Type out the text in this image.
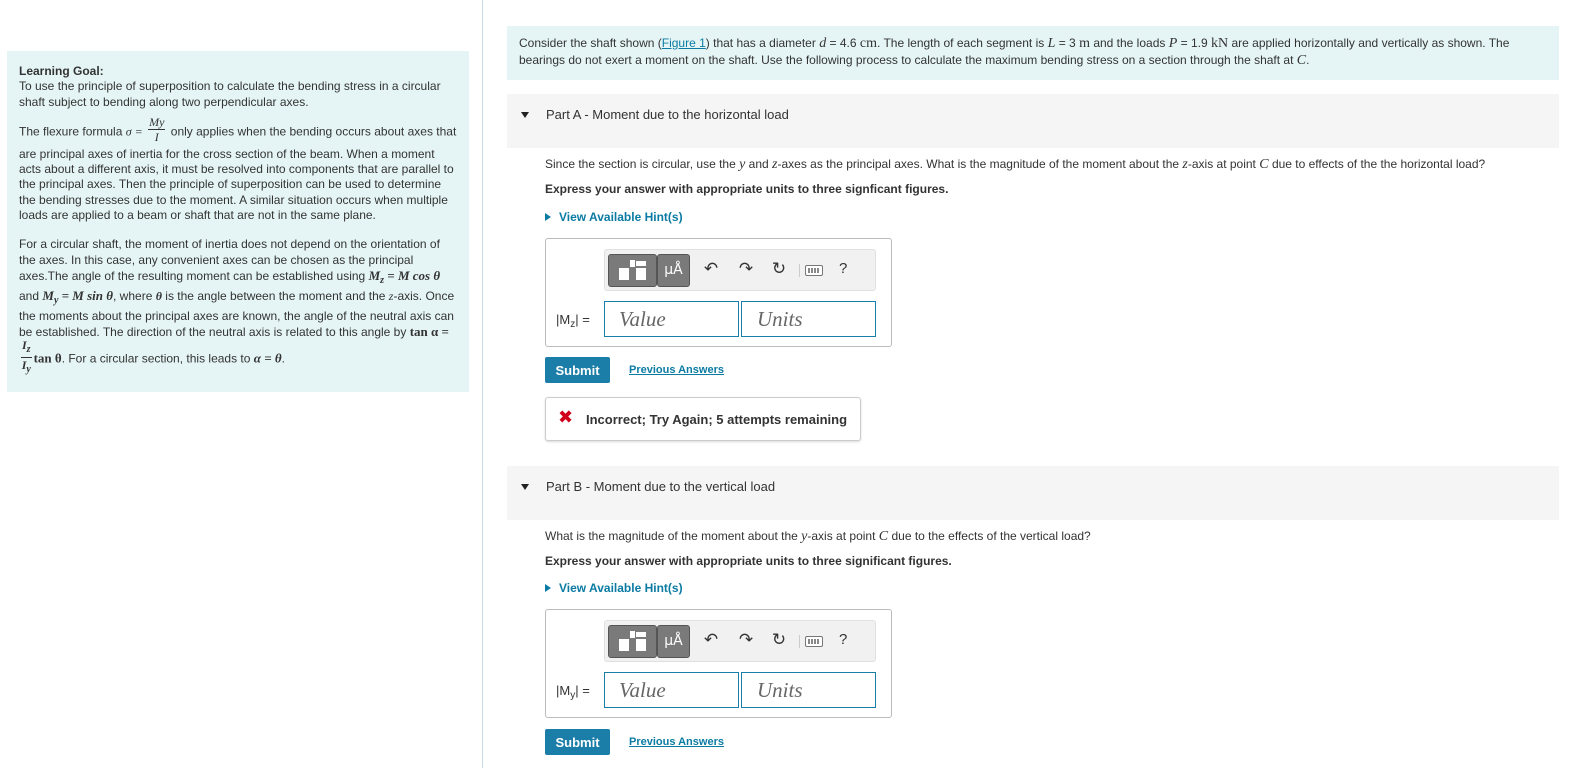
Learning Goal:

To use the principle of superposition to calculate the bending stress in a circular shaft subject to bending along two perpendicular axes.

The flexure formula $\sigma = \frac{My}{I}$ only applies when the bending occurs about axes that are principal axes of inertia for the cross section of the beam. When a moment acts about a different axis, it must be resolved into components that are parallel to the principal axes. Then the principle of superposition can be used to determine the bending stresses due to the moment. A similar situation occurs when multiple loads are applied to a beam or shaft that are not in the same plane.

For a circular shaft, the moment of inertia does not depend on the orientation of the axes. In this case, any convenient axes can be chosen as the principal axes.The angle of the resulting moment can be established using $M_z = M$ cos θ and $M_y = M$ sin θ, where θ is the angle between the moment and the z-axis. Once the moments about the principal axes are known, the angle of the neutral axis can be established. The direction of the neutral axis is related to this angle by tan α =
$\frac{I_z}{I_y}$ tan θ. For a circular section, this leads to α = θ.

Consider the shaft shown (Figure 1) that has a diameter d = 4.6 cm. The length of each segment is L = 3 m and the loads P = 1.9 kN are applied horizontally and vertically as shown. The bearings do not exert a moment on the shaft. Use the following process to calculate the maximum bending stress on a section through the shaft at C.
Part A - Moment due to the horizontal load
Since the section is circular, use the y and z-axes as the principal axes. What is the magnitude of the moment about the z-axis at point C due to effects of the the horizontal load?
Express your answer with appropriate units to three signficant figures.
View Available Hint(s)
μÅ	↶ ↷ ↻	?
$|M_z|$ =
Value
Units
Submit	Previous Answers
✖ Incorrect; Try Again; 5 attempts remaining
Part B - Moment due to the vertical load
What is the magnitude of the moment about the y-axis at point C due to the effects of the vertical load?
Express your answer with appropriate units to three significant figures.
View Available Hint(s)
μÅ	↶ ↷ ↻	?
$|M_y|$ =
Value
Units
Submit	Previous Answers
